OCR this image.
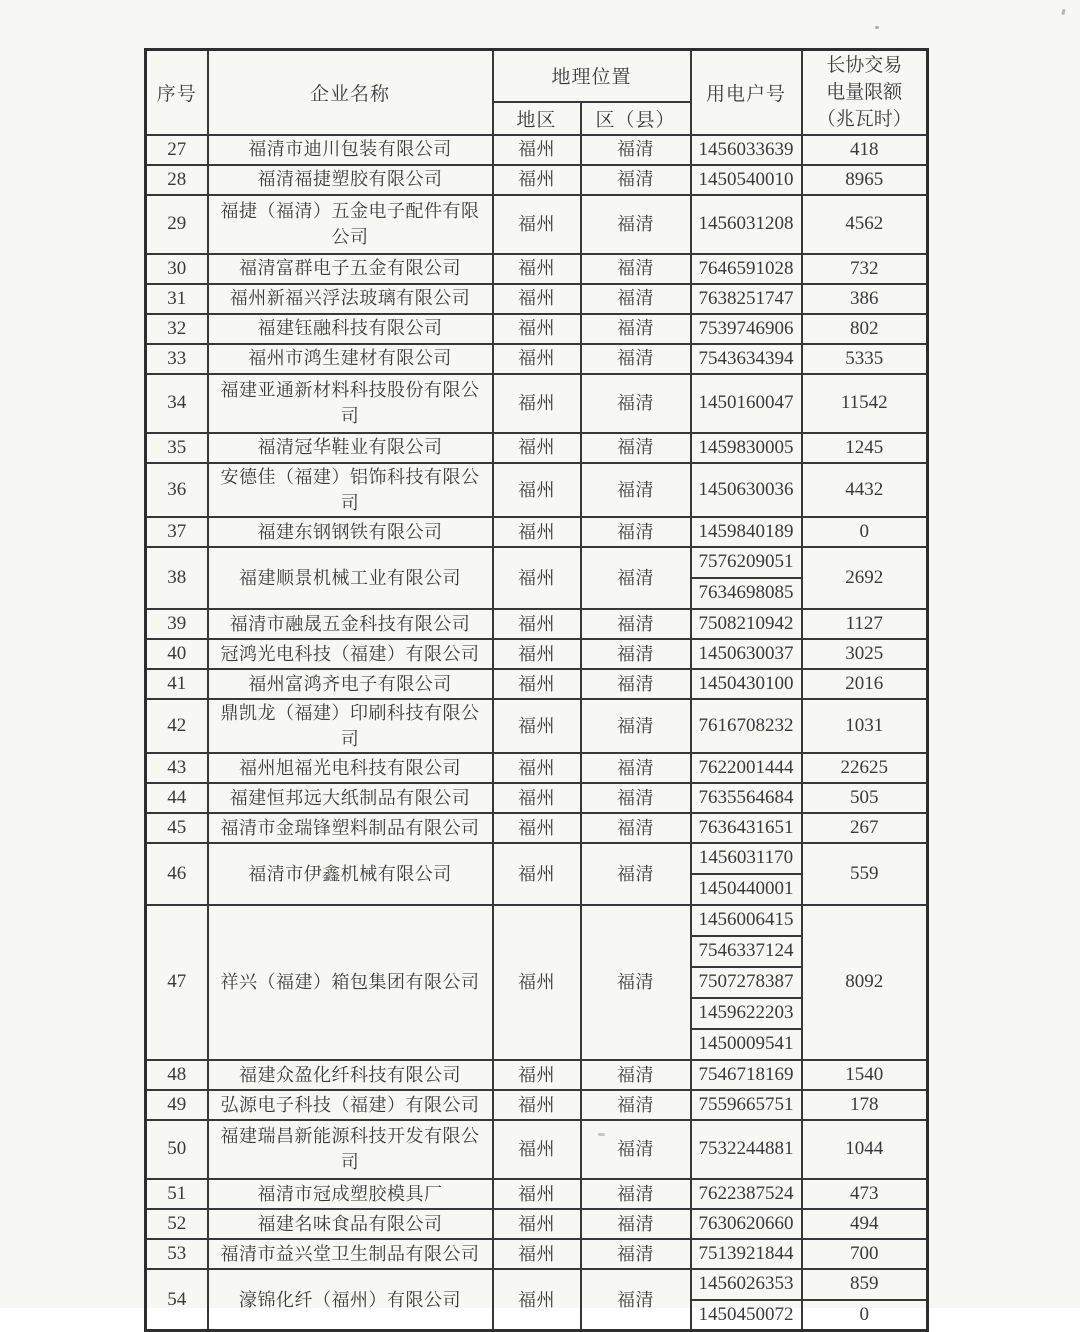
序号	企业名称	地理位置		用电户号	长协交易
电量限额
（兆瓦时）

		地区	区（县）		
27	福清市迪川包装有限公司	福州	福清	1456033639	418
28	福清福捷塑胶有限公司	福州	福清	1450540010	8965
29	福捷（福清）五金电子配件有限公司	福州	福清	1456031208	4562
30	福清富群电子五金有限公司	福州	福清	7646591028	732
31	福州新福兴浮法玻璃有限公司	福州	福清	7638251747	386
32	福建钰融科技有限公司	福州	福清	7539746906	802
33	福州市鸿生建材有限公司	福州	福清	7543634394	5335
34	福建亚通新材料科技股份有限公司	福州	福清	1450160047	11542
35	福清冠华鞋业有限公司	福州	福清	1459830005	1245
36	安德佳（福建）铝饰科技有限公司	福州	福清	1450630036	4432
37	福建东钢钢铁有限公司	福州	福清	1459840189	0
38	福建顺景机械工业有限公司	福州	福清	7576209051	2692
				7634698085	
39	福清市融晟五金科技有限公司	福州	福清	7508210942	1127
40	冠鸿光电科技（福建）有限公司	福州	福清	1450630037	3025
41	福州富鸿齐电子有限公司	福州	福清	1450430100	2016
42	鼎凯龙（福建）印刷科技有限公司	福州	福清	7616708232	1031
43	福州旭福光电科技有限公司	福州	福清	7622001444	22625
44	福建恒邦远大纸制品有限公司	福州	福清	7635564684	505
45	福清市金瑞锋塑料制品有限公司	福州	福清	7636431651	267
46	福清市伊鑫机械有限公司	福州	福清	1456031170	559
				1450440001	
47	祥兴（福建）箱包集团有限公司	福州	福清	1456006415	8092
				7546337124	
				7507278387	
				1459622203	
				1450009541	
48	福建众盈化纤科技有限公司	福州	福清	7546718169	1540
49	弘源电子科技（福建）有限公司	福州	福清	7559665751	178
50	福建瑞昌新能源科技开发有限公司	福州	福清	7532244881	1044
51	福清市冠成塑胶模具厂	福州	福清	7622387524	473
52	福建名味食品有限公司	福州	福清	7630620660	494
53	福清市益兴堂卫生制品有限公司	福州	福清	7513921844	700
54	濠锦化纤（福州）有限公司	福州	福清	1456026353	859
				1450450072	0
